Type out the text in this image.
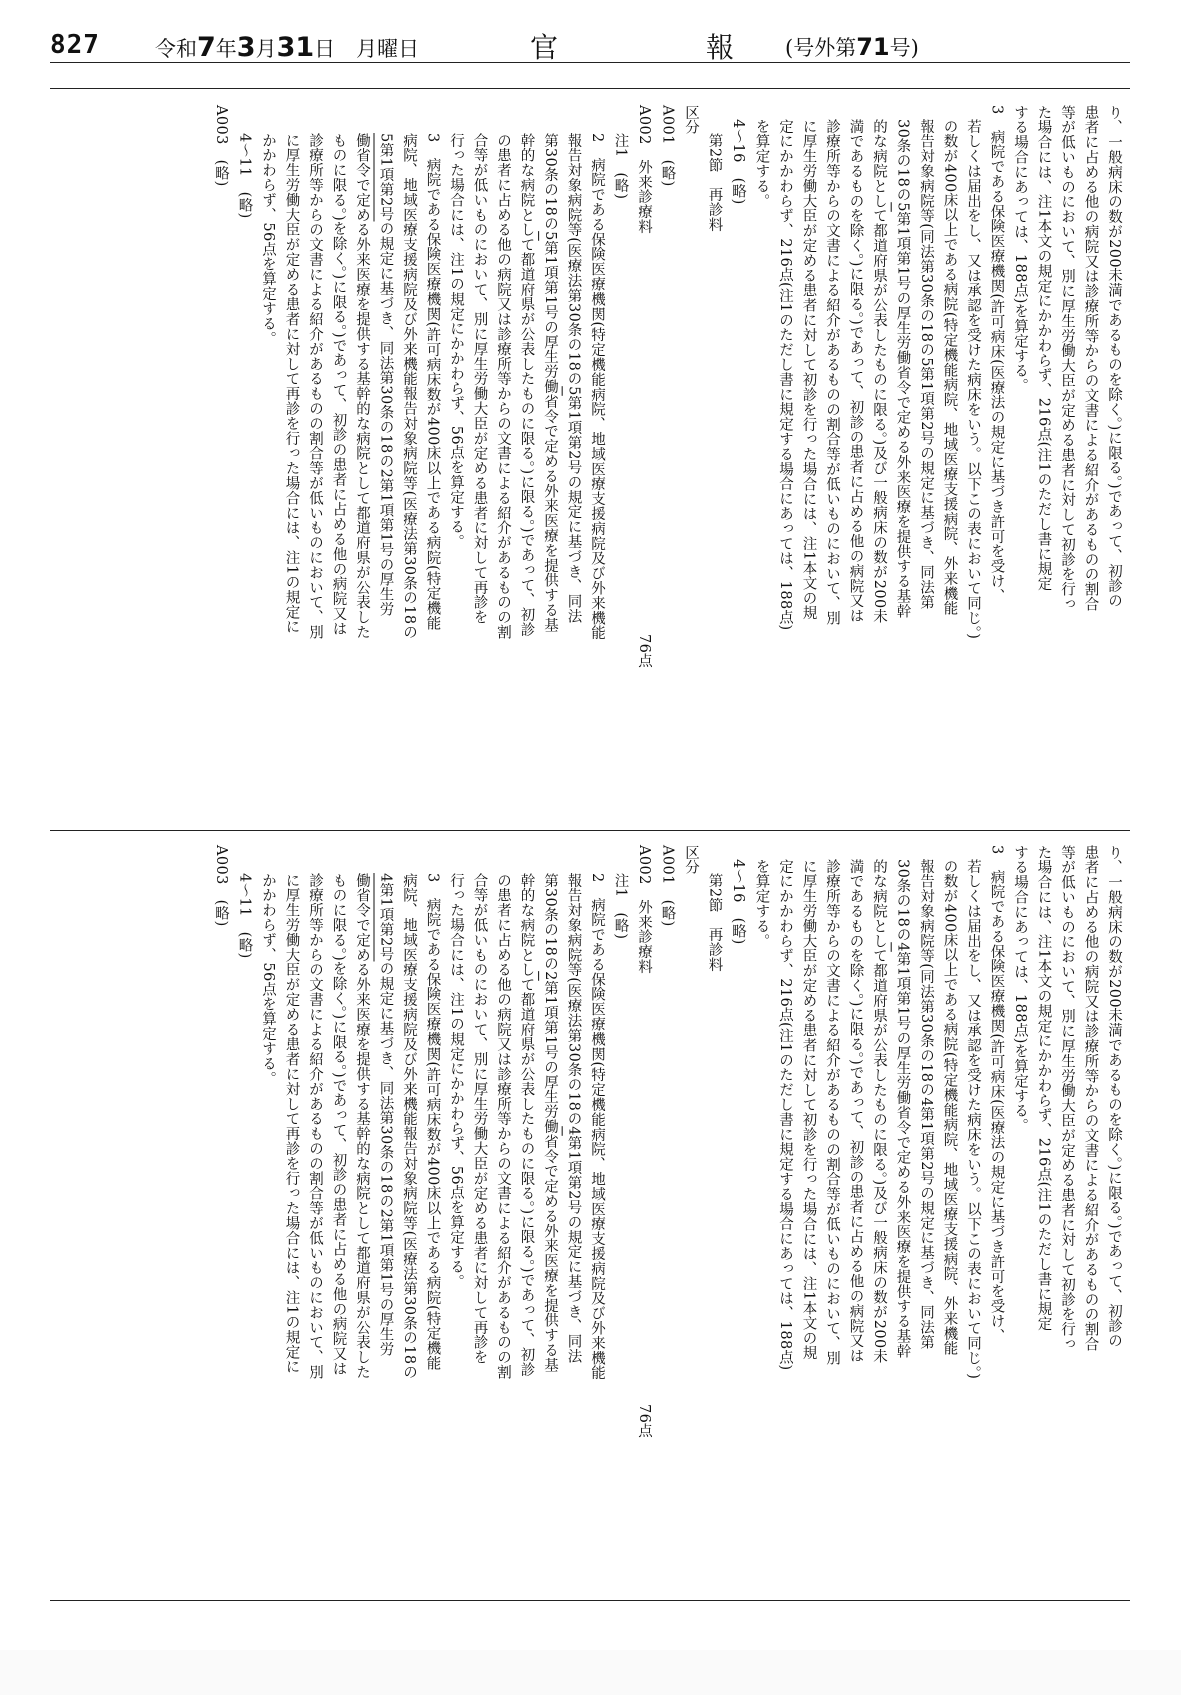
827	令和7年3月31日　月曜日	官　報
(号外第71号)

り、一般病床の数が200未満であるものを除く。)に限る。)であって、初診の

患者に占める他の病院又は診療所等からの文書による紹介があるものの割合

等が低いものにおいて、別に厚生労働大臣が定める患者に対して初診を行っ

た場合には、注1本文の規定にかかわらず、216点(注1のただし書に規定

する場合にあっては、188点)を算定する。

3　病院である保険医療機関(許可病床(医療法の規定に基づき許可を受け、

若しくは届出をし、又は承認を受けた病床をいう。以下この表において同じ。)

の数が400床以上である病院(特定機能病院、地域医療支援病院、外来機能

報告対象病院等(同法第30条の18の5第1項第2号の規定に基づき、同法第

30条の18の5第1項第1号の厚生労働省令で定める外来医療を提供する基幹

的な病院として都道府県が公表したものに限る。)及び一般病床の数が200未

満であるものを除く。)に限る。)であって、初診の患者に占める他の病院又は

診療所等からの文書による紹介があるものの割合等が低いものにおいて、別

に厚生労働大臣が定める患者に対して初診を行った場合には、注1本文の規

定にかかわらず、216点(注1のただし書に規定する場合にあっては、188点)

を算定する。

4～16　(略)

第2節　再診料

区分

A001　(略)

A002　外来診療料76点

注1　(略)

2　病院である保険医療機関(特定機能病院、地域医療支援病院及び外来機能

報告対象病院等(医療法第30条の18の5第1項第2号の規定に基づき、同法

第30条の18の5第1項第1号の厚生労働省令で定める外来医療を提供する基

幹的な病院として都道府県が公表したものに限る。)に限る。)であって、初診

の患者に占める他の病院又は診療所等からの文書による紹介があるものの割

合等が低いものにおいて、別に厚生労働大臣が定める患者に対して再診を

行った場合には、注1の規定にかかわらず、56点を算定する。

3　病院である保険医療機関(許可病床数が400床以上である病院(特定機能

病院、地域医療支援病院及び外来機能報告対象病院等(医療法第30条の18の

5第1項第2号の規定に基づき、同法第30条の18の2第1項第1号の厚生労

働省令で定める外来医療を提供する基幹的な病院として都道府県が公表した

ものに限る。)を除く。)に限る。)であって、初診の患者に占める他の病院又は

診療所等からの文書による紹介があるものの割合等が低いものにおいて、別

に厚生労働大臣が定める患者に対して再診を行った場合には、注1の規定に

かかわらず、56点を算定する。

4～11　(略)

A003　(略)

り、一般病床の数が200未満であるものを除く。)に限る。)であって、初診の

患者に占める他の病院又は診療所等からの文書による紹介があるものの割合

等が低いものにおいて、別に厚生労働大臣が定める患者に対して初診を行っ

た場合には、注1本文の規定にかかわらず、216点(注1のただし書に規定

する場合にあっては、188点)を算定する。

3　病院である保険医療機関(許可病床(医療法の規定に基づき許可を受け、

若しくは届出をし、又は承認を受けた病床をいう。以下この表において同じ。)

の数が400床以上である病院(特定機能病院、地域医療支援病院、外来機能

報告対象病院等(同法第30条の18の4第1項第2号の規定に基づき、同法第

30条の18の4第1項第1号の厚生労働省令で定める外来医療を提供する基幹

的な病院として都道府県が公表したものに限る。)及び一般病床の数が200未

満であるものを除く。)に限る。)であって、初診の患者に占める他の病院又は

診療所等からの文書による紹介があるものの割合等が低いものにおいて、別

に厚生労働大臣が定める患者に対して初診を行った場合には、注1本文の規

定にかかわらず、216点(注1のただし書に規定する場合にあっては、188点)

を算定する。

4～16　(略)

第2節　再診料

区分

A001　(略)

A002　外来診療料76点

注1　(略)

2　病院である保険医療機関(特定機能病院、地域医療支援病院及び外来機能

報告対象病院等(医療法第30条の18の4第1項第2号の規定に基づき、同法

第30条の18の2第1項第1号の厚生労働省令で定める外来医療を提供する基

幹的な病院として都道府県が公表したものに限る。)に限る。)であって、初診

の患者に占める他の病院又は診療所等からの文書による紹介があるものの割

合等が低いものにおいて、別に厚生労働大臣が定める患者に対して再診を

行った場合には、注1の規定にかかわらず、56点を算定する。

3　病院である保険医療機関(許可病床数が400床以上である病院(特定機能

病院、地域医療支援病院及び外来機能報告対象病院等(医療法第30条の18の

4第1項第2号の規定に基づき、同法第30条の18の2第1項第1号の厚生労

働省令で定める外来医療を提供する基幹的な病院として都道府県が公表した

ものに限る。)を除く。)に限る。)であって、初診の患者に占める他の病院又は

診療所等からの文書による紹介があるものの割合等が低いものにおいて、別

に厚生労働大臣が定める患者に対して再診を行った場合には、注1の規定に

かかわらず、56点を算定する。

4～11　(略)

A003　(略)
